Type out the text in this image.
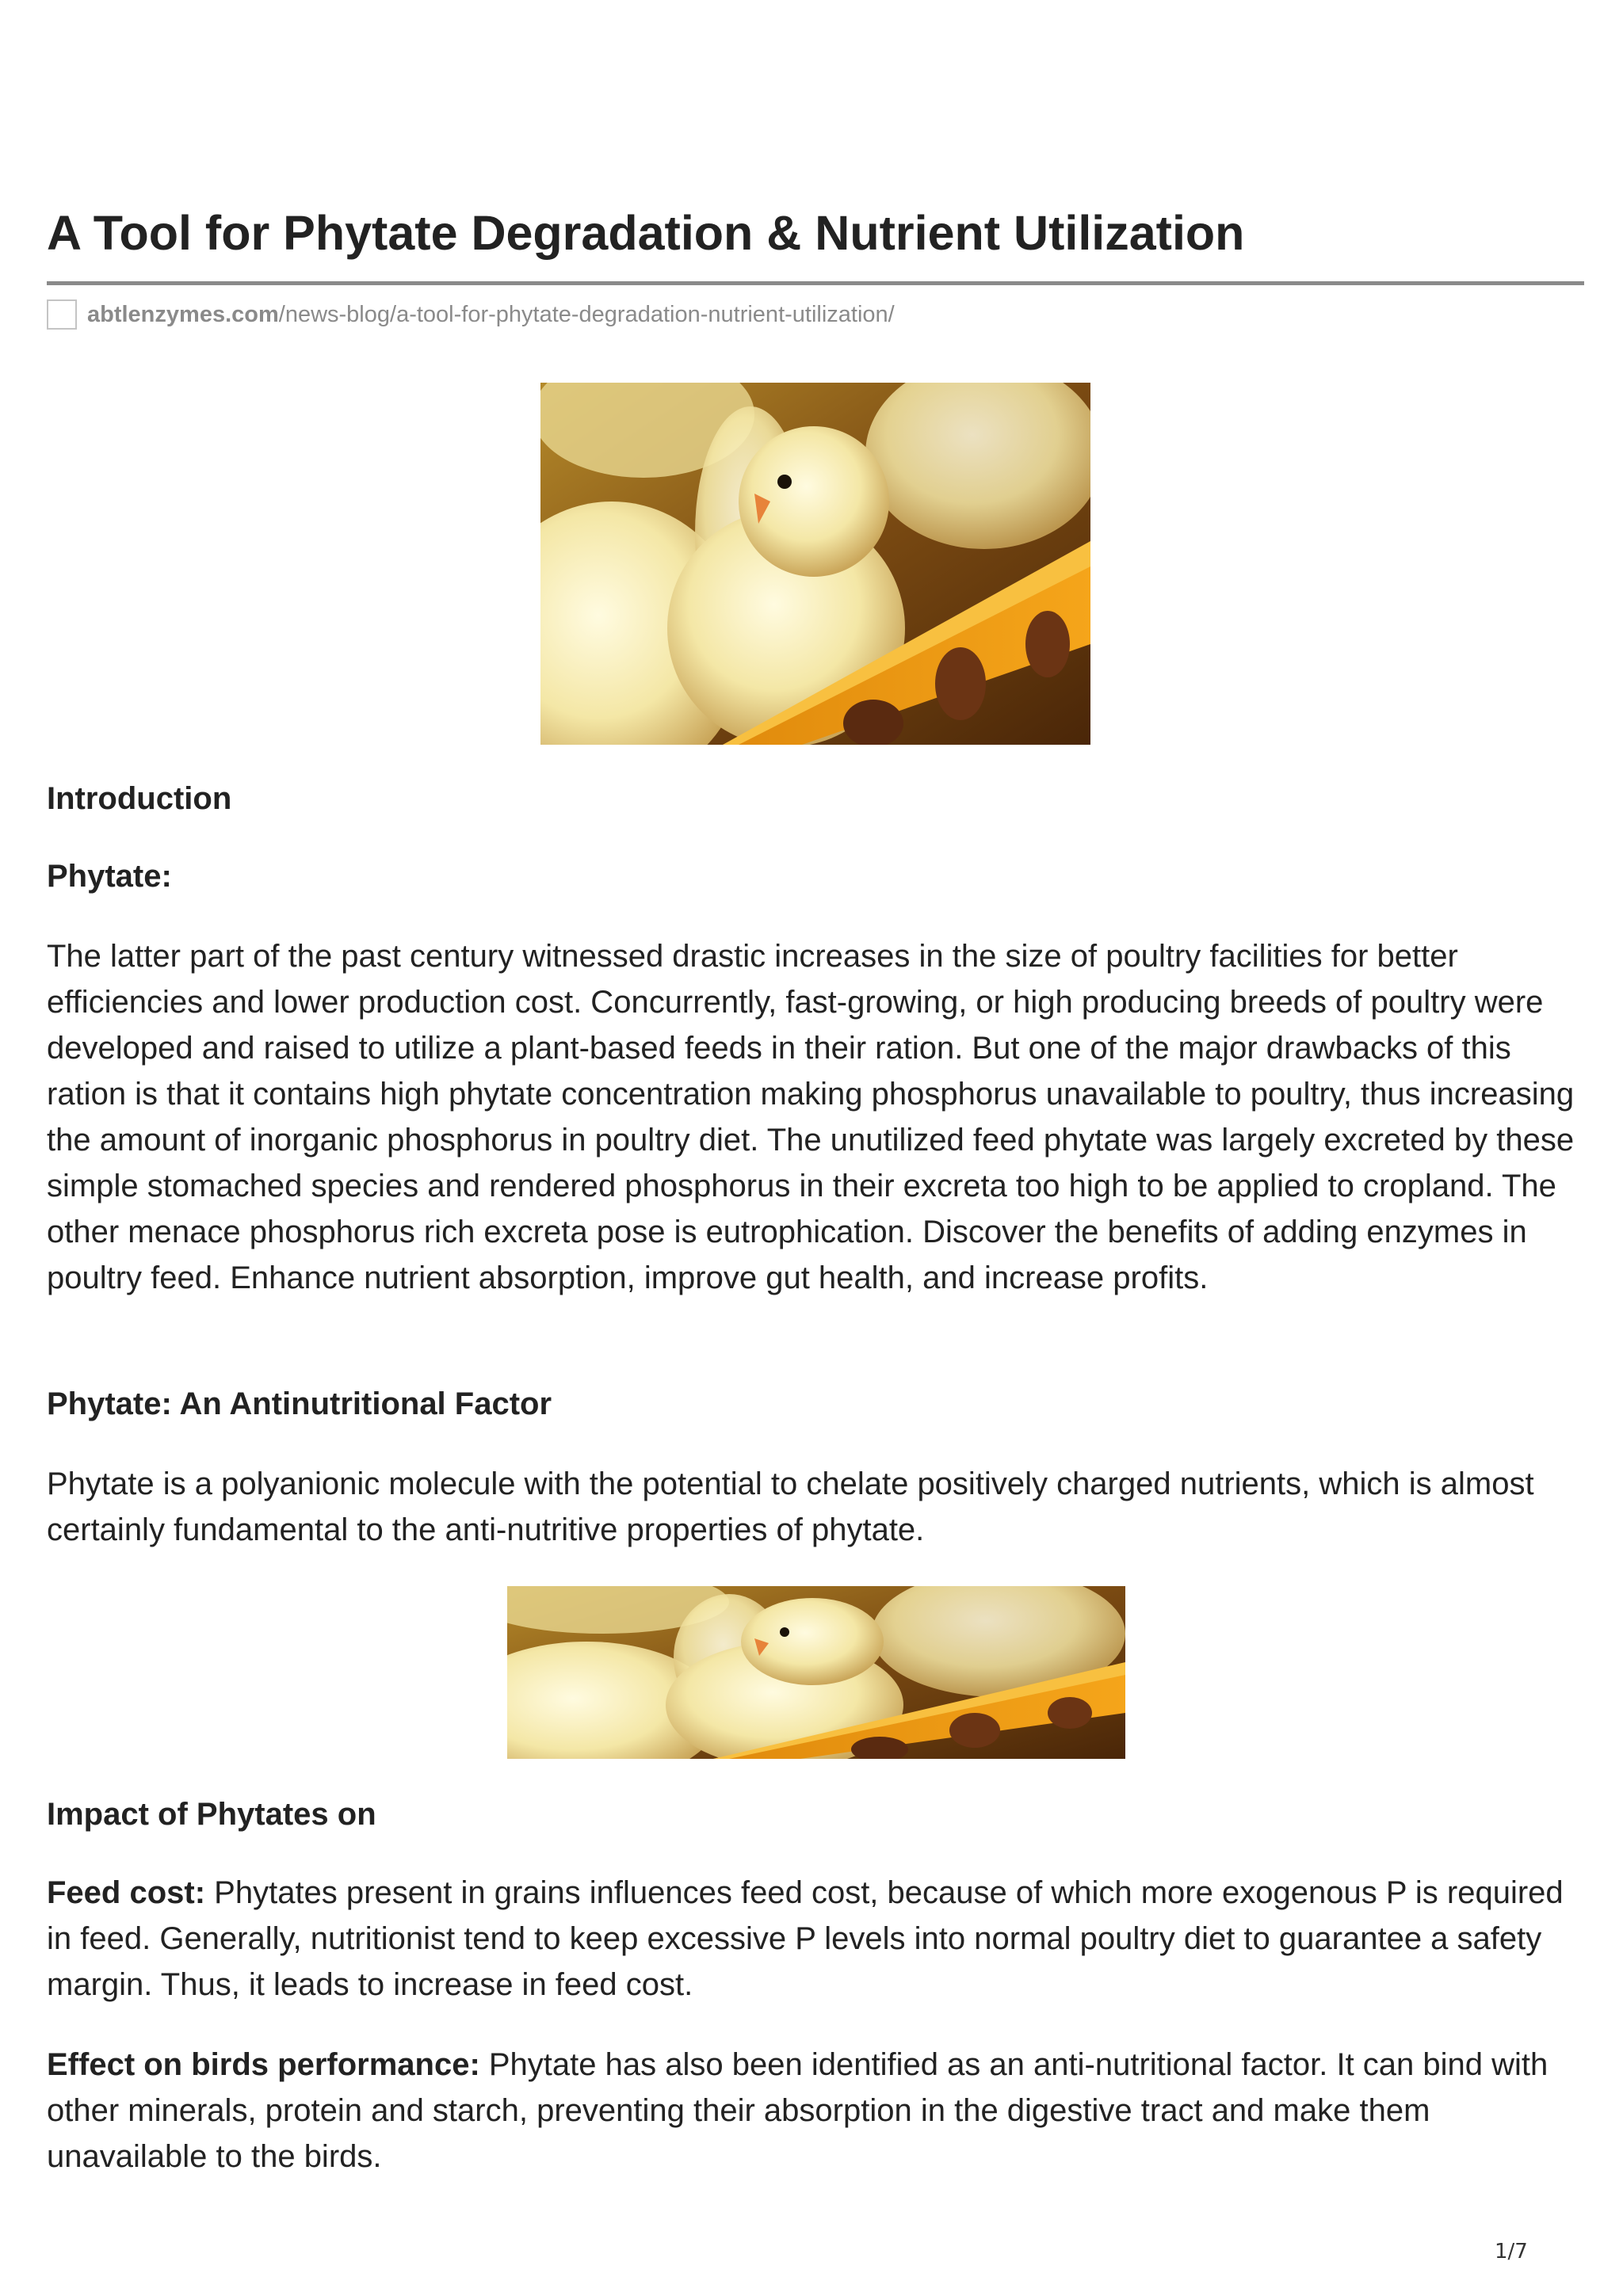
A Tool for Phytate Degradation & Nutrient Utilization
abtlenzymes.com /news-blog/a-tool-for-phytate-degradation-nutrient-utilization/
Introduction
Phytate:

The latter part of the past century witnessed drastic increases in the size of poultry facilities for better efficiencies and lower production cost. Concurrently, fast-growing, or high producing breeds of poultry were developed and raised to utilize a plant-based feeds in their ration. But one of the major drawbacks of this ration is that it contains high phytate concentration making phosphorus unavailable to poultry, thus increasing the amount of inorganic phosphorus in poultry diet. The unutilized feed phytate was largely excreted by these simple stomached species and rendered phosphorus in their excreta too high to be applied to cropland. The other menace phosphorus rich excreta pose is eutrophication. Discover the benefits of adding enzymes in poultry feed. Enhance nutrient absorption, improve gut health, and increase profits.

Phytate: An Antinutritional Factor

Phytate is a polyanionic molecule with the potential to chelate positively charged nutrients, which is almost certainly fundamental to the anti-nutritive properties of phytate.

Impact of Phytates on

Feed cost: Phytates present in grains influences feed cost, because of which more exogenous P is required in feed. Generally, nutritionist tend to keep excessive P levels into normal poultry diet to guarantee a safety margin. Thus, it leads to increase in feed cost.

Effect on birds performance: Phytate has also been identified as an anti-nutritional factor. It can bind with other minerals, protein and starch, preventing their absorption in the digestive tract and make them unavailable to the birds.

1/7
